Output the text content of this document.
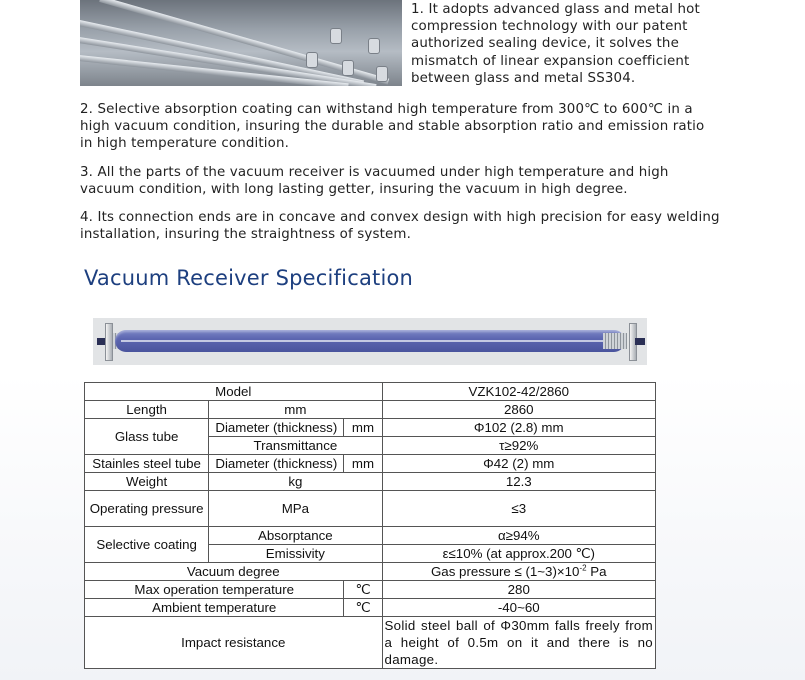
1. It adopts advanced glass and metal hot compression technology with our patent authorized sealing device, it solves the mismatch of linear expansion coefficient between glass and metal SS304.
2. Selective absorption coating can withstand high temperature from 300℃ to 600℃ in a high vacuum condition, insuring the durable and stable absorption ratio and emission ratio in high temperature condition.
3. All the parts of the vacuum receiver is vacuumed under high temperature and high vacuum condition, with long lasting getter, insuring the vacuum in high degree.
4. Its connection ends are in concave and convex design with high precision for easy welding installation, insuring the straightness of system.
Vacuum Receiver Specification
Model			VZK102-42/2860
Length	mm		2860
Glass tube	Diameter (thickness)	mm	Φ102 (2.8) mm
	Transmittance		τ≥92%
Stainles steel tube	Diameter (thickness)	mm	Φ42 (2) mm
Weight	kg		12.3
Operating pressure	MPa		≤3
Selective coating	Absorptance		α≥94%
	Emissivity		ε≤10% (at approx.200 ℃)
Vacuum degree			Gas pressure ≤ $(1\sim 3)\times 10^{-2}$ Pa
Max operation temperature		℃	280
Ambient temperature		℃	-40~60
Impact resistance			Solid steel ball of Φ30mm falls freely from a height of 0.5m on it and there is no damage.
